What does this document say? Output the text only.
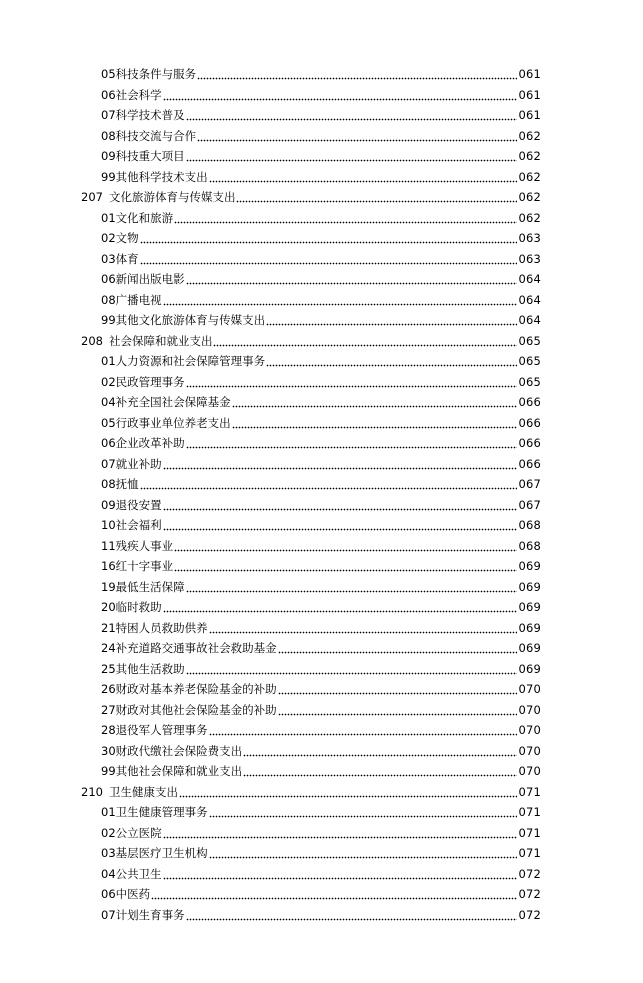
05科技条件与服务	061
06社会科学	061
07科学技术普及	061
08科技交流与合作	062
09科技重大项目	062
99其他科学技术支出	062
207 文化旅游体育与传媒支出	062
01文化和旅游	062
02文物	063
03体育	063
06新闻出版电影	064
08广播电视	064
99其他文化旅游体育与传媒支出	064
208 社会保障和就业支出	065
01人力资源和社会保障管理事务	065
02民政管理事务	065
04补充全国社会保障基金	066
05行政事业单位养老支出	066
06企业改革补助	066
07就业补助	066
08抚恤	067
09退役安置	067
10社会福利	068
11残疾人事业	068
16红十字事业	069
19最低生活保障	069
20临时救助	069
21特困人员救助供养	069
24补充道路交通事故社会救助基金	069
25其他生活救助	069
26财政对基本养老保险基金的补助	070
27财政对其他社会保险基金的补助	070
28退役军人管理事务	070
30财政代缴社会保险费支出	070
99其他社会保障和就业支出	070
210 卫生健康支出	071
01卫生健康管理事务	071
02公立医院	071
03基层医疗卫生机构	071
04公共卫生	072
06中医药	072
07计划生育事务	072
